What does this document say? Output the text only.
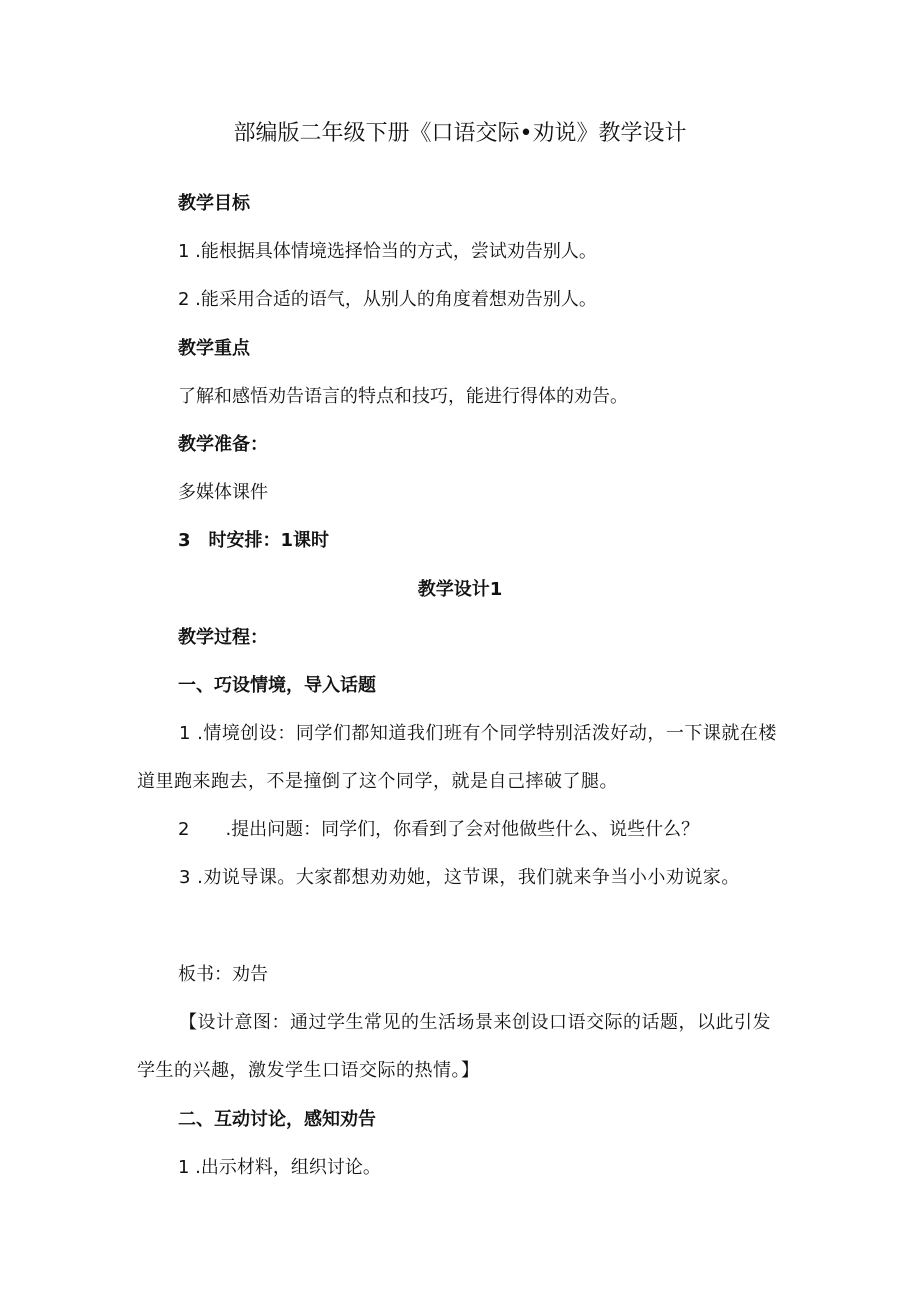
部编版二年级下册《口语交际•劝说》教学设计

教学目标

1 .能根据具体情境选择恰当的方式，尝试劝告别人。

2 .能采用合适的语气，从别人的角度着想劝告别人。

教学重点

了解和感悟劝告语言的特点和技巧，能进行得体的劝告。

教学准备：

多媒体课件

3　时安排：1课时

教学设计1

教学过程：

一、巧设情境，导入话题

1 .情境创设：同学们都知道我们班有个同学特别活泼好动，一下课就在楼道里跑来跑去，不是撞倒了这个同学，就是自己摔破了腿。

2　　.提出问题：同学们，你看到了会对他做些什么、说些什么？

3 .劝说导课。大家都想劝劝她，这节课，我们就来争当小小劝说家。

板书：劝告

【设计意图：通过学生常见的生活场景来创设口语交际的话题，以此引发学生的兴趣，激发学生口语交际的热情。】

二、互动讨论，感知劝告

1 .出示材料，组织讨论。
